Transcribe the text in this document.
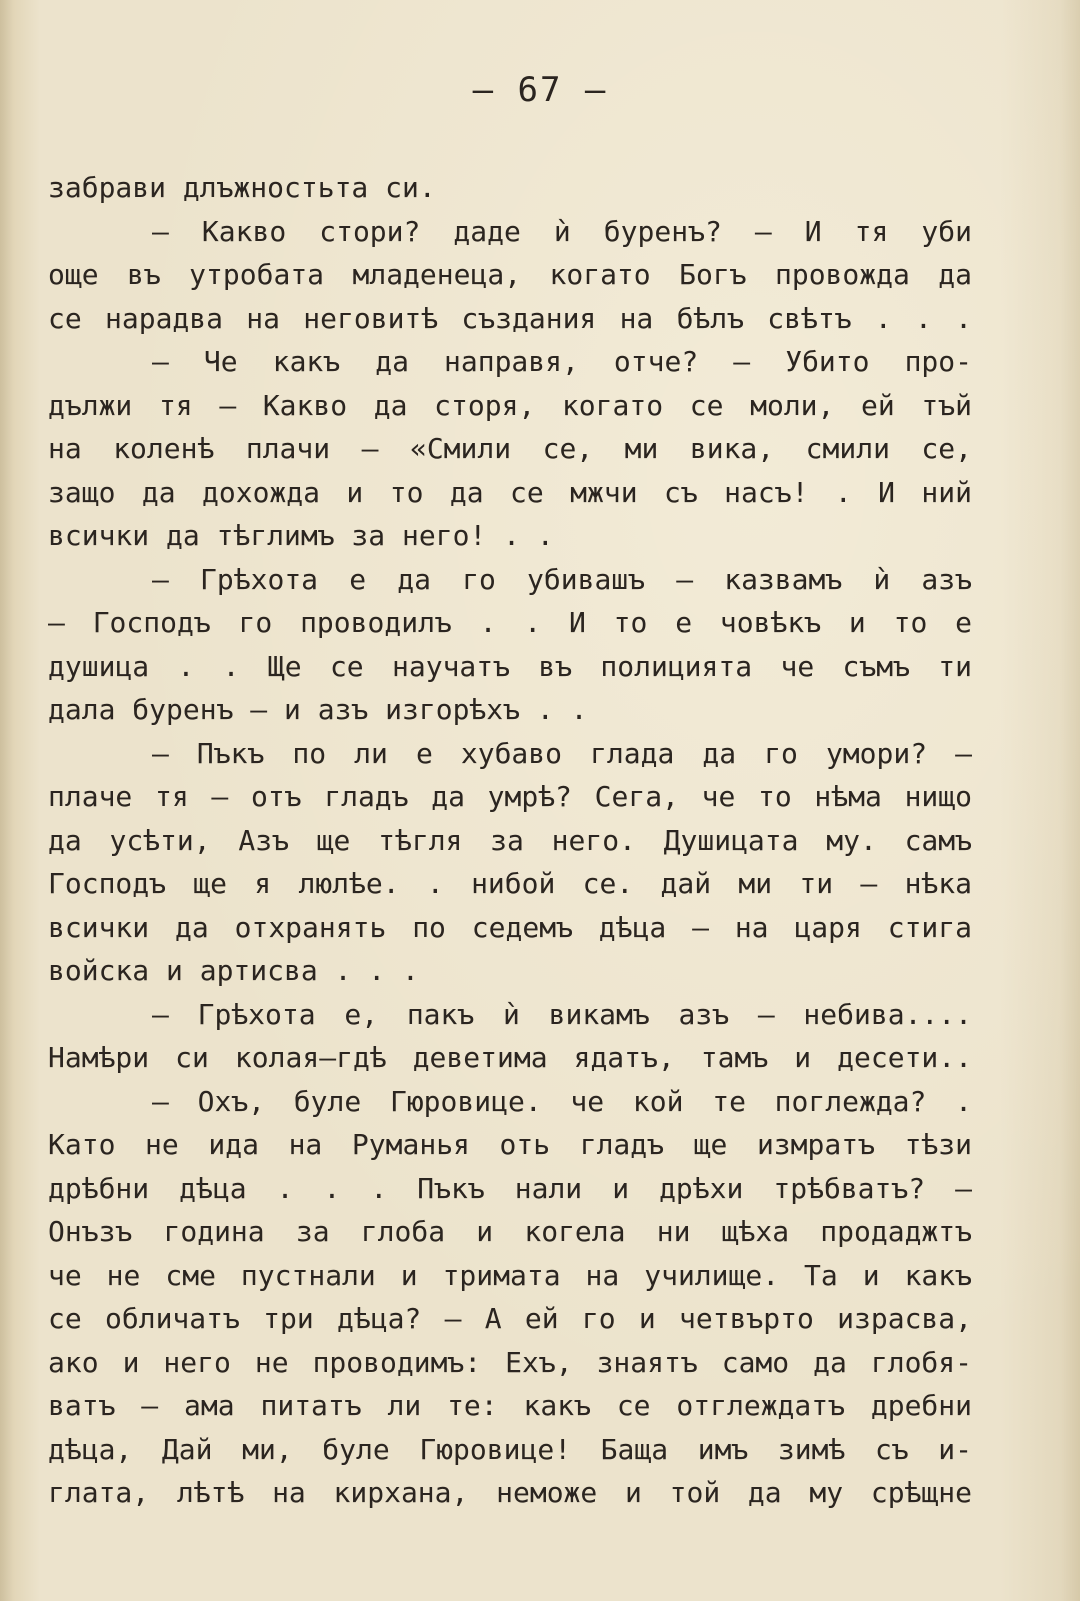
— 67 —
забрави длъжностьта си.
— Какво стори? даде ѝ буренъ? — И тя уби
още въ утробата младенеца, когато Богъ провожда да
се нарадва на неговитѣ създания на бѣлъ свѣтъ . . .
— Че какъ да направя, отче? — Убито про-
дължи тя — Какво да сторя, когато се моли, ей тъй
на коленѣ плачи — «Смили се, ми вика, смили се,
защо да дохожда и то да се мжчи съ насъ! . И ний
всички да тѣглимъ за него! . .
— Грѣхота е да го убивашъ — казвамъ ѝ азъ
— Господъ го проводилъ . . И то е човѣкъ и то е
душица . . Ще се научатъ въ полицията че съмъ ти
дала буренъ — и азъ изгорѣхъ . .
— Пъкъ по ли е хубаво глада да го умори? —
плаче тя — отъ гладъ да умрѣ? Сега, че то нѣма нищо
да усѣти, Азъ ще тѣгля за него. Душицата му. самъ
Господъ ще я люлѣе. . нибой се. дай ми ти — нѣка
всички да отхранять по седемъ дѣца — на царя стига
войска и артисва . . .
— Грѣхота е, пакъ ѝ викамъ азъ — небива....
Намѣри си колая—гдѣ деветима ядатъ, тамъ и десети..
— Охъ, буле Гюровице. че кой те поглежда? .
Като не ида на Руманья оть гладъ ще измратъ тѣзи
дрѣбни дѣца . . . Пъкъ нали и дрѣхи трѣбватъ? —
Онъзъ година за глоба и когела ни щѣха продаджтъ
че не сме пустнали и тримата на училище. Та и какъ
се обличатъ три дѣца? — А ей го и четвърто израсва,
ако и него не проводимъ: Ехъ, знаятъ само да глобя-
ватъ — ама питатъ ли те: какъ се отглеждатъ дребни
дѣца, Дай ми, буле Гюровице! Баща имъ зимѣ съ и-
глата, лѣтѣ на кирхана, неможе и той да му срѣщне
